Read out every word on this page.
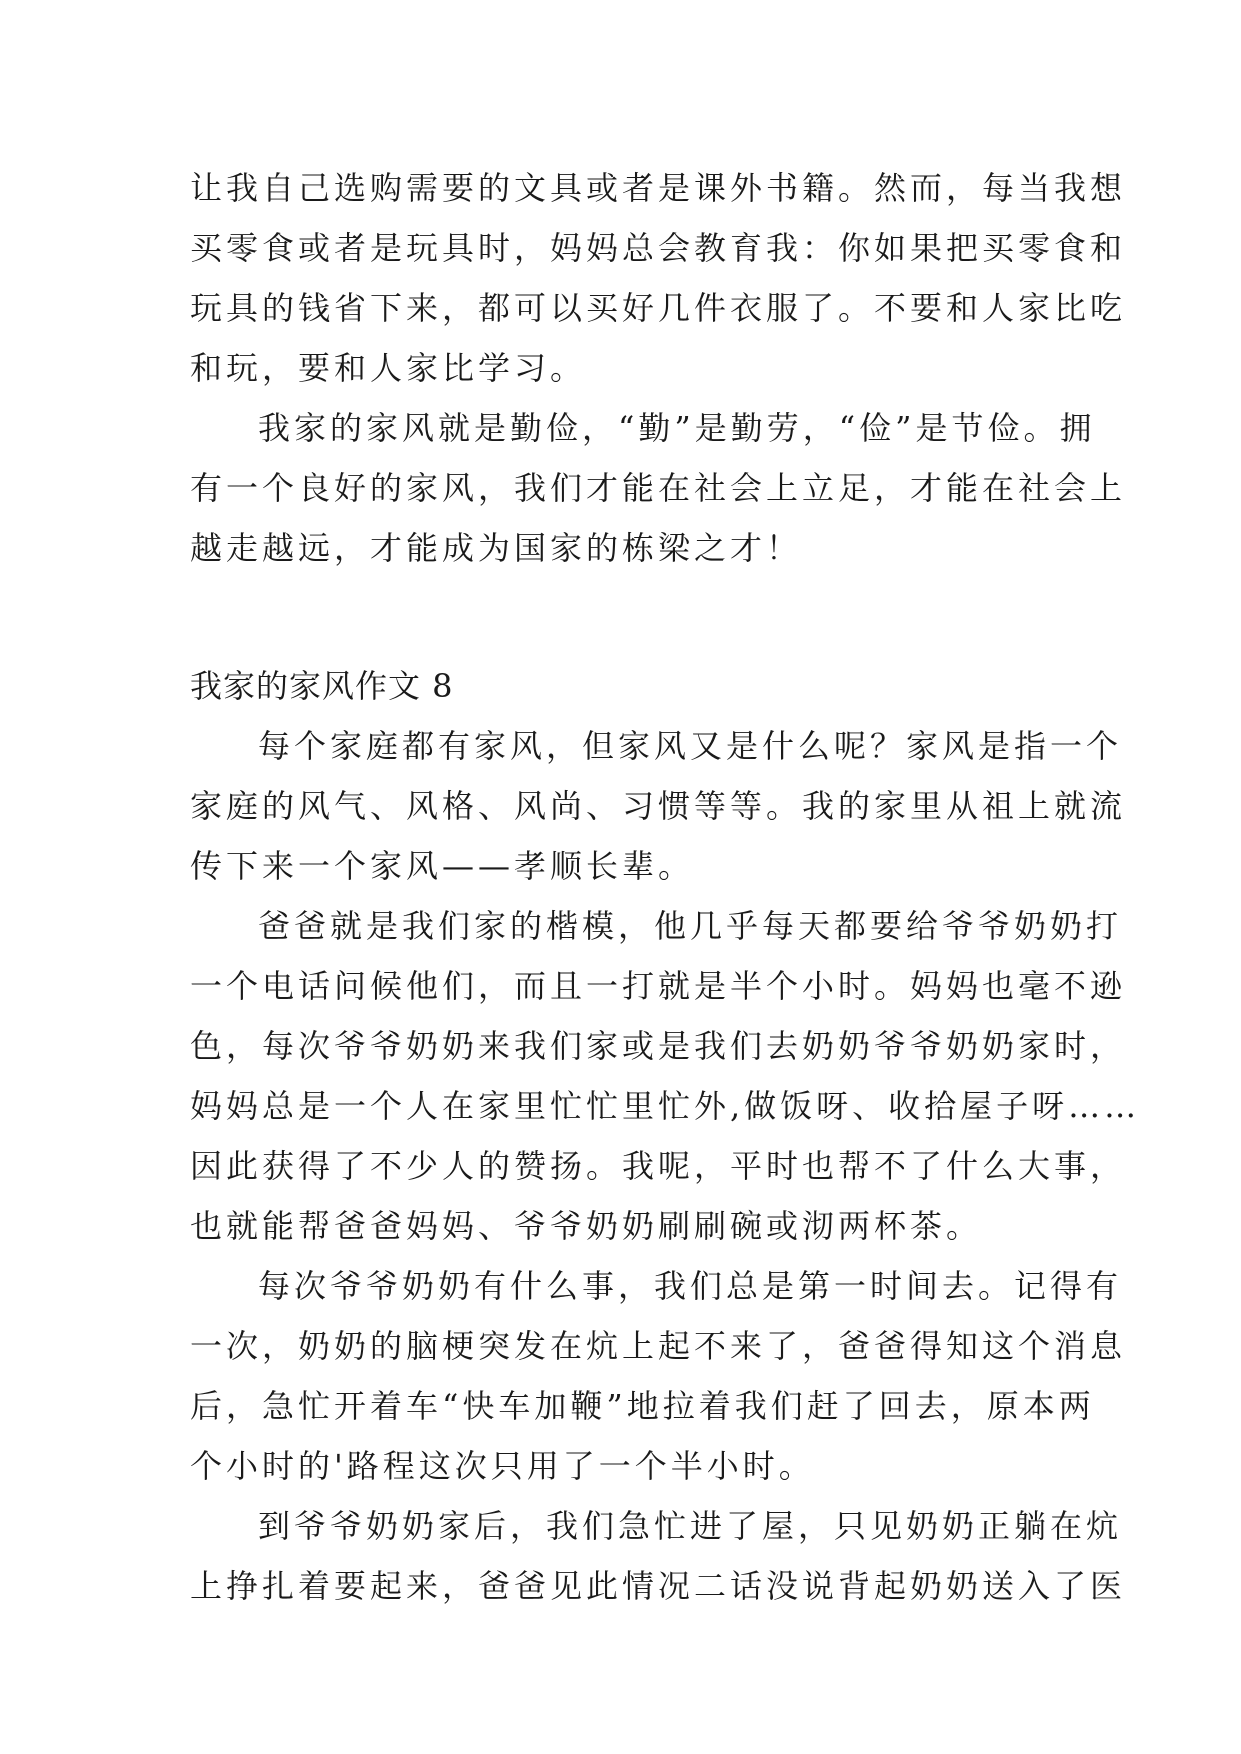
让我自己选购需要的文具或者是课外书籍。然而，每当我想
买零食或者是玩具时，妈妈总会教育我：你如果把买零食和
玩具的钱省下来，都可以买好几件衣服了。不要和人家比吃
和玩，要和人家比学习。
我家的家风就是勤俭，“勤”是勤劳，“俭”是节俭。拥
有一个良好的家风，我们才能在社会上立足，才能在社会上
越走越远，才能成为国家的栋梁之才！
我家的家风作文 8
每个家庭都有家风，但家风又是什么呢？家风是指一个
家庭的风气、风格、风尚、习惯等等。我的家里从祖上就流
传下来一个家风——孝顺长辈。
爸爸就是我们家的楷模，他几乎每天都要给爷爷奶奶打
一个电话问候他们，而且一打就是半个小时。妈妈也毫不逊
色，每次爷爷奶奶来我们家或是我们去奶奶爷爷奶奶家时，
妈妈总是一个人在家里忙忙里忙外,做饭呀、收拾屋子呀……
因此获得了不少人的赞扬。我呢，平时也帮不了什么大事，
也就能帮爸爸妈妈、爷爷奶奶刷刷碗或沏两杯茶。
每次爷爷奶奶有什么事，我们总是第一时间去。记得有
一次，奶奶的脑梗突发在炕上起不来了，爸爸得知这个消息
后，急忙开着车“快车加鞭”地拉着我们赶了回去，原本两
个小时的'路程这次只用了一个半小时。
到爷爷奶奶家后，我们急忙进了屋，只见奶奶正躺在炕
上挣扎着要起来，爸爸见此情况二话没说背起奶奶送入了医
